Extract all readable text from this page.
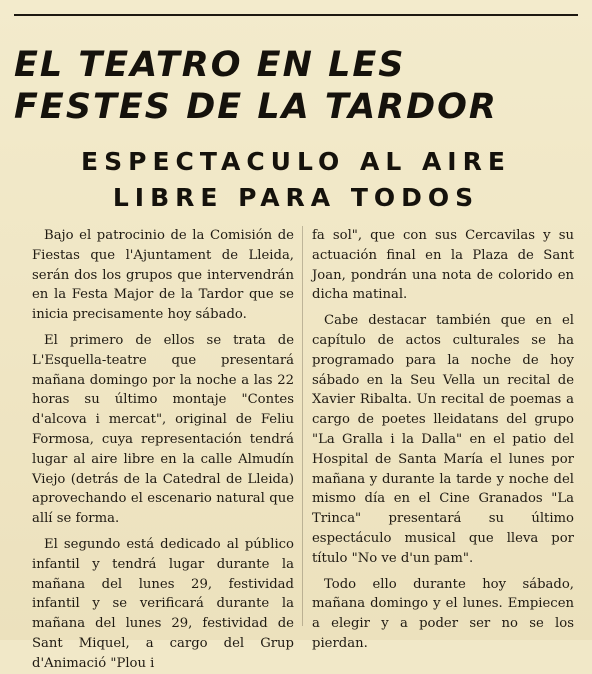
EL TEATRO EN LES
FESTES DE LA TARDOR
ESPECTACULO AL AIRE
LIBRE PARA TODOS

Bajo el patrocinio de la Comisión de Fiestas que l'Ajuntament de Lleida, serán dos los grupos que intervendrán en la Festa Major de la Tardor que se inicia precisamente hoy sábado.

El primero de ellos se trata de L'Esquella-teatre que presentará mañana domingo por la noche a las 22 horas su último montaje "Contes d'alcova i mercat", original de Feliu Formosa, cuya representación tendrá lugar al aire libre en la calle Almudín Viejo (detrás de la Catedral de Lleida) aprovechando el escenario natural que allí se forma.

El segundo está dedicado al público infantil y tendrá lugar durante la mañana del lunes 29, festividad infantil y se verificará durante la mañana del lunes 29, festividad de Sant Miquel, a cargo del Grup d'Animació "Plou i

fa sol", que con sus Cercavilas y su actuación final en la Plaza de Sant Joan, pondrán una nota de colorido en dicha matinal.

Cabe destacar también que en el capítulo de actos culturales se ha programado para la noche de hoy sábado en la Seu Vella un recital de Xavier Ribalta. Un recital de poemas a cargo de poetes lleidatans del grupo "La Gralla i la Dalla" en el patio del Hospital de Santa María el lunes por mañana y durante la tarde y noche del mismo día en el Cine Granados "La Trinca" presentará su último espectáculo musical que lleva por título "No ve d'un pam".

Todo ello durante hoy sábado, mañana domingo y el lunes. Empiecen a elegir y a poder ser no se los pierdan.
